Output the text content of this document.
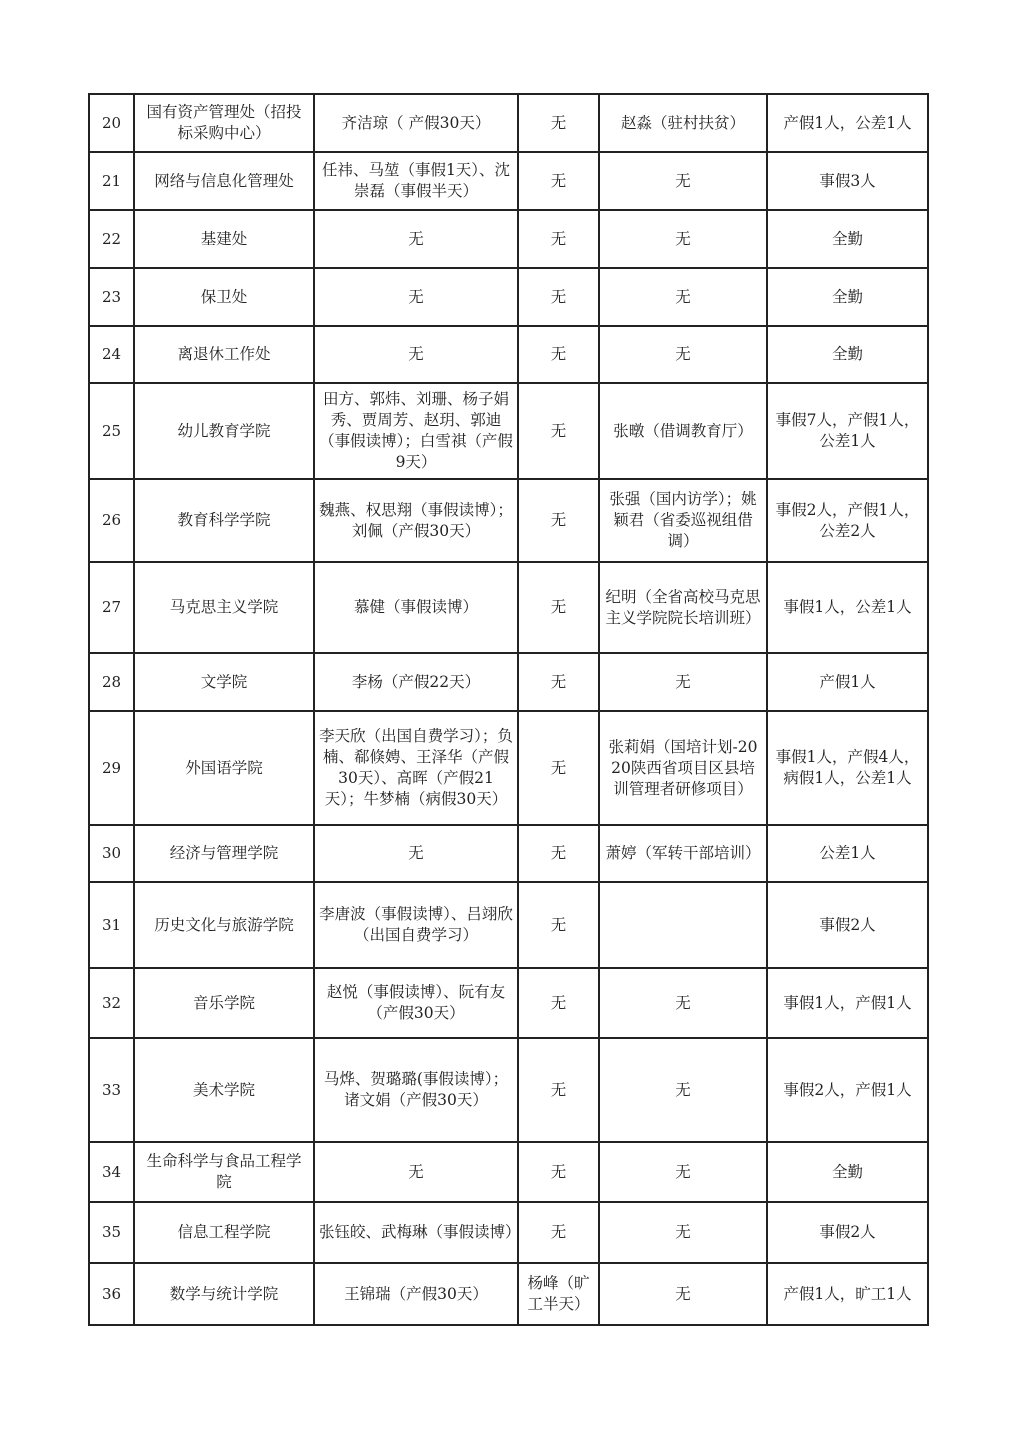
20	国有资产管理处（招投标采购中心）	齐洁琼（ 产假30天）	无	赵淼（驻村扶贫）	产假1人，公差1人
21	网络与信息化管理处	任祎、马堃（事假1天）、沈崇磊（事假半天）	无	无	事假3人
22	基建处	无	无	无	全勤
23	保卫处	无	无	无	全勤
24	离退休工作处	无	无	无	全勤
25	幼儿教育学院	田方、郭炜、刘珊、杨子娟秀、贾周芳、赵玥、郭迪（事假读博）；白雪祺（产假9天）	无	张暾（借调教育厅）	事假7人，产假1人，公差1人
26	教育科学学院	魏燕、权思翔（事假读博）；刘佩（产假30天）	无	张强（国内访学）；姚颖君（省委巡视组借调）	事假2人，产假1人，公差2人
27	马克思主义学院	慕健（事假读博）	无	纪明（全省高校马克思主义学院院长培训班）	事假1人，公差1人
28	文学院	李杨（产假22天）	无	无	产假1人
29	外国语学院	李天欣（出国自费学习）；负楠、郗倏娉、王泽华（产假30天）、高晖（产假21天）；牛梦楠（病假30天）	无	张莉娟（国培计划-2020陕西省项目区县培训管理者研修项目）	事假1人，产假4人，病假1人，公差1人
30	经济与管理学院	无	无	萧婷（军转干部培训）	公差1人
31	历史文化与旅游学院	李唐波（事假读博）、吕翊欣（出国自费学习）	无		事假2人
32	音乐学院	赵悦（事假读博）、阮有友（产假30天）	无	无	事假1人，产假1人
33	美术学院	马烨、贺璐璐(事假读博）；诸文娟（产假30天）	无	无	事假2人，产假1人
34	生命科学与食品工程学院	无	无	无	全勤
35	信息工程学院	张钰皎、武梅琳（事假读博）	无	无	事假2人
36	数学与统计学院	王锦瑞（产假30天）	杨峰（旷工半天）	无	产假1人，旷工1人
